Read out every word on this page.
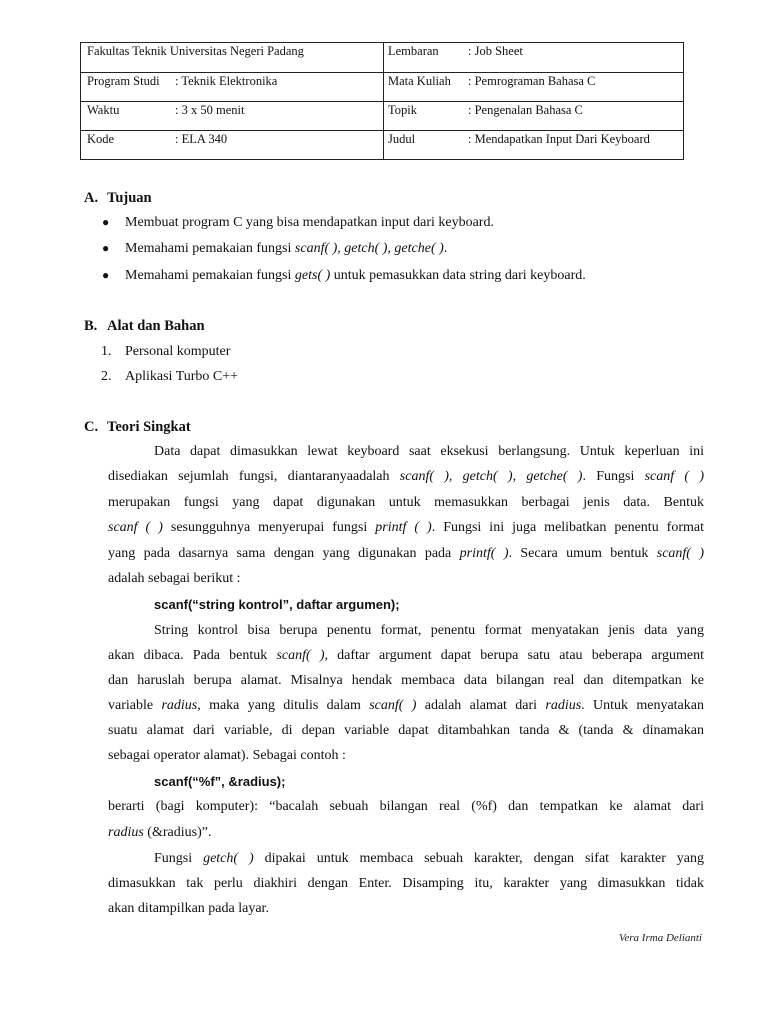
Fakultas Teknik Universitas Negeri Padang	Lembaran : Job Sheet
Program Studi : Teknik Elektronika	Mata Kuliah : Pemrograman Bahasa C
Waktu	: 3 x 50 menit	Topik	: Pengenalan Bahasa C
Kode	: ELA 340	Judul	: Mendapatkan Input Dari Keyboard
A. Tujuan
● Membuat program C yang bisa mendapatkan input dari keyboard.
● Memahami pemakaian fungsi scanf( ), getch( ), getche( ).
● Memahami pemakaian fungsi gets( ) untuk pemasukkan data string dari keyboard.
B. Alat dan Bahan
1. Personal komputer
2. Aplikasi Turbo C++
C. Teori Singkat
Data dapat dimasukkan lewat keyboard saat eksekusi berlangsung. Untuk keperluan ini
disediakan sejumlah fungsi, diantaranyaadalah scanf( ), getch( ), getche( ). Fungsi scanf ( )
merupakan fungsi yang dapat digunakan untuk memasukkan berbagai jenis data. Bentuk
scanf ( ) sesungguhnya menyerupai fungsi printf ( ). Fungsi ini juga melibatkan penentu format
yang pada dasarnya sama dengan yang digunakan pada printf( ). Secara umum bentuk scanf( )
adalah sebagai berikut :
scanf(“string kontrol”, daftar argumen);
String kontrol bisa berupa penentu format, penentu format menyatakan jenis data yang
akan dibaca. Pada bentuk scanf( ), daftar argument dapat berupa satu atau beberapa argument
dan haruslah berupa alamat. Misalnya hendak membaca data bilangan real dan ditempatkan ke
variable radius, maka yang ditulis dalam scanf( ) adalah alamat dari radius. Untuk menyatakan
suatu alamat dari variable, di depan variable dapat ditambahkan tanda & (tanda & dinamakan
sebagai operator alamat). Sebagai contoh :
scanf(“%f”, &radius);
berarti (bagi komputer): “bacalah sebuah bilangan real (%f) dan tempatkan ke alamat dari
radius (&radius)”.
Fungsi getch( ) dipakai untuk membaca sebuah karakter, dengan sifat karakter yang
dimasukkan tak perlu diakhiri dengan Enter. Disamping itu, karakter yang dimasukkan tidak
akan ditampilkan pada layar.
Vera Irma Delianti
